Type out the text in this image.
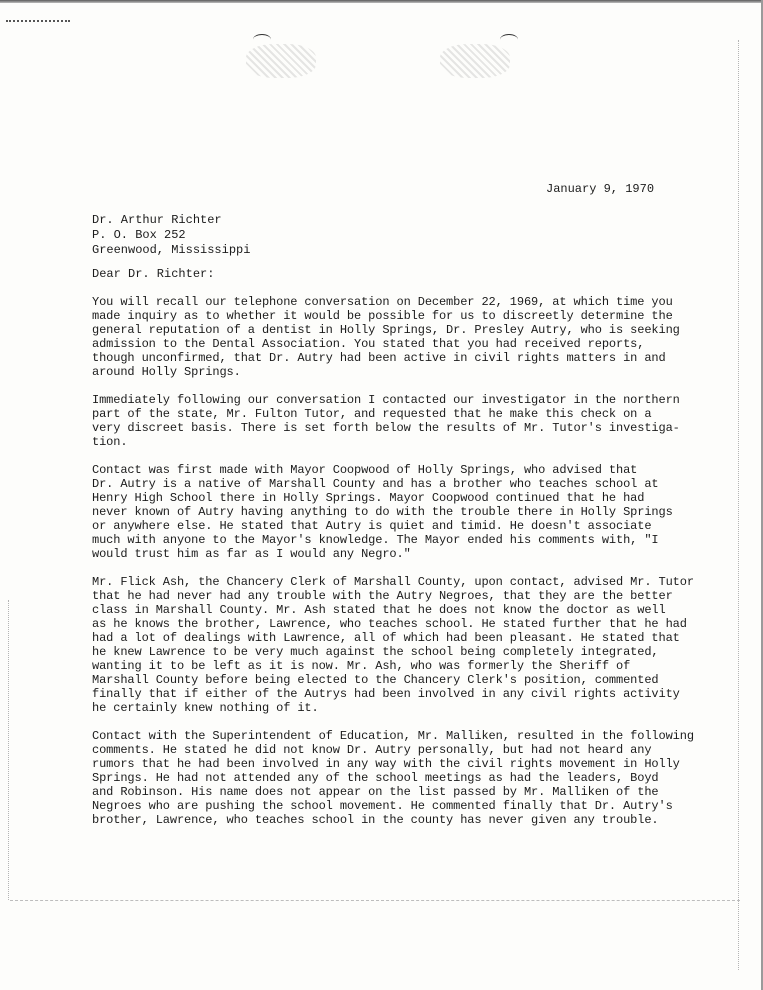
January 9, 1970
Dr. Arthur Richter
P. O. Box 252
Greenwood, Mississippi
Dear Dr. Richter:
You will recall our telephone conversation on December 22, 1969, at which time you
made inquiry as to whether it would be possible for us to discreetly determine the
general reputation of a dentist in Holly Springs, Dr. Presley Autry, who is seeking
admission to the Dental Association. You stated that you had received reports,
though unconfirmed, that Dr. Autry had been active in civil rights matters in and
around Holly Springs.
Immediately following our conversation I contacted our investigator in the northern
part of the state, Mr. Fulton Tutor, and requested that he make this check on a
very discreet basis. There is set forth below the results of Mr. Tutor's investiga-
tion.
Contact was first made with Mayor Coopwood of Holly Springs, who advised that
Dr. Autry is a native of Marshall County and has a brother who teaches school at
Henry High School there in Holly Springs. Mayor Coopwood continued that he had
never known of Autry having anything to do with the trouble there in Holly Springs
or anywhere else. He stated that Autry is quiet and timid. He doesn't associate
much with anyone to the Mayor's knowledge. The Mayor ended his comments with, "I
would trust him as far as I would any Negro."
Mr. Flick Ash, the Chancery Clerk of Marshall County, upon contact, advised Mr. Tutor
that he had never had any trouble with the Autry Negroes, that they are the better
class in Marshall County. Mr. Ash stated that he does not know the doctor as well
as he knows the brother, Lawrence, who teaches school. He stated further that he had
had a lot of dealings with Lawrence, all of which had been pleasant. He stated that
he knew Lawrence to be very much against the school being completely integrated,
wanting it to be left as it is now. Mr. Ash, who was formerly the Sheriff of
Marshall County before being elected to the Chancery Clerk's position, commented
finally that if either of the Autrys had been involved in any civil rights activity
he certainly knew nothing of it.
Contact with the Superintendent of Education, Mr. Malliken, resulted in the following
comments. He stated he did not know Dr. Autry personally, but had not heard any
rumors that he had been involved in any way with the civil rights movement in Holly
Springs. He had not attended any of the school meetings as had the leaders, Boyd
and Robinson. His name does not appear on the list passed by Mr. Malliken of the
Negroes who are pushing the school movement. He commented finally that Dr. Autry's
brother, Lawrence, who teaches school in the county has never given any trouble.
